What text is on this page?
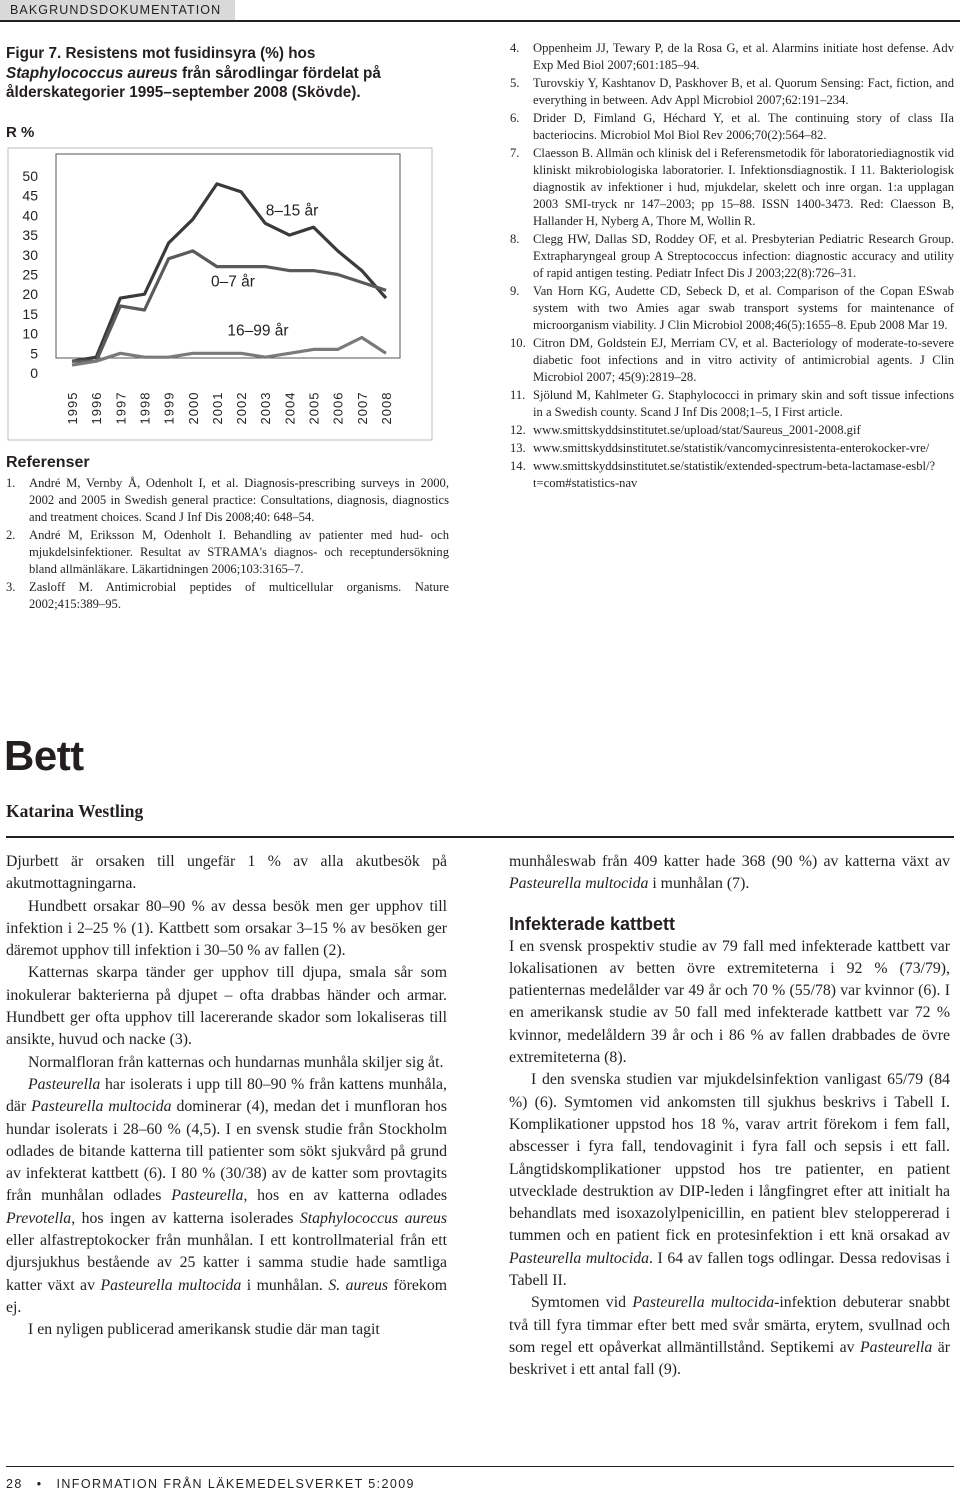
BAKGRUNDSDOKUMENTATION
Figur 7. Resistens mot fusidinsyra (%) hos Staphylococcus aureus från sårodlingar fördelat på ålderskategorier 1995–september 2008 (Skövde).
R %
50
45
40
35
30
25
20
15
10
5
0
1995 1996 1997 1998 1999 2000 2001 2002 2003 2004 2005 2006 2007 2008
8–15 år
0–7 år
16–99 år
Referenser
1. André M, Vernby Å, Odenholt I, et al. Diagnosis-prescribing surveys in 2000, 2002 and 2005 in Swedish general practice: Consultations, diagnosis, diagnostics and treatment choices. Scand J Inf Dis 2008;40: 648–54.
2. André M, Eriksson M, Odenholt I. Behandling av patienter med hud- och mjukdelsinfektioner. Resultat av STRAMA's diagnos- och receptundersökning bland allmänläkare. Läkartidningen 2006;103:3165–7.
3. Zasloff M. Antimicrobial peptides of multicellular organisms. Nature 2002;415:389–95.
4. Oppenheim JJ, Tewary P, de la Rosa G, et al. Alarmins initiate host defense. Adv Exp Med Biol 2007;601:185–94.
5. Turovskiy Y, Kashtanov D, Paskhover B, et al. Quorum Sensing: Fact, fiction, and everything in between. Adv Appl Microbiol 2007;62:191–234.
6. Drider D, Fimland G, Héchard Y, et al. The continuing story of class IIa bacteriocins. Microbiol Mol Biol Rev 2006;70(2):564–82.
7. Claesson B. Allmän och klinisk del i Referensmetodik för laboratoriediagnostik vid kliniskt mikrobiologiska laboratorier. I. Infektionsdiagnostik. I 11. Bakteriologisk diagnostik av infektioner i hud, mjukdelar, skelett och inre organ. 1:a upplagan 2003 SMI-tryck nr 147–2003; pp 15–88. ISSN 1400-3473. Red: Claesson B, Hallander H, Nyberg A, Thore M, Wollin R.
8. Clegg HW, Dallas SD, Roddey OF, et al. Presbyterian Pediatric Research Group. Extrapharyngeal group A Streptococcus infection: diagnostic accuracy and utility of rapid antigen testing. Pediatr Infect Dis J 2003;22(8):726–31.
9. Van Horn KG, Audette CD, Sebeck D, et al. Comparison of the Copan ESwab system with two Amies agar swab transport systems for maintenance of microorganism viability. J Clin Microbiol 2008;46(5):1655–8. Epub 2008 Mar 19.
10. Citron DM, Goldstein EJ, Merriam CV, et al. Bacteriology of moderate-to-severe diabetic foot infections and in vitro activity of antimicrobial agents. J Clin Microbiol 2007; 45(9):2819–28.
11. Sjölund M, Kahlmeter G. Staphylococci in primary skin and soft tissue infections in a Swedish county. Scand J Inf Dis 2008;1–5, I First article.
12. www.smittskyddsinstitutet.se/upload/stat/Saureus_2001-2008.gif
13. www.smittskyddsinstitutet.se/statistik/vancomycinresistenta-enterokocker-vre/
14. www.smittskyddsinstitutet.se/statistik/extended-spectrum-beta-lactamase-esbl/?t=com#statistics-nav
Bett
Katarina Westling

Djurbett är orsaken till ungefär 1 % av alla akutbesök på akutmottagningarna.

Hundbett orsakar 80–90 % av dessa besök men ger upphov till infektion i 2–25 % (1). Kattbett som orsakar 3–15 % av besöken ger däremot upphov till infektion i 30–50 % av fallen (2).

Katternas skarpa tänder ger upphov till djupa, smala sår som inokulerar bakterierna på djupet – ofta drabbas händer och armar. Hundbett ger ofta upphov till lacererande skador som lokaliseras till ansikte, huvud och nacke (3).

Normalfloran från katternas och hundarnas munhåla skiljer sig åt.

Pasteurella har isolerats i upp till 80–90 % från kattens munhåla, där Pasteurella multocida dominerar (4), medan det i munfloran hos hundar isolerats i 28–60 % (4,5). I en svensk studie från Stockholm odlades de bitande katterna till patienter som sökt sjukvård på grund av infekterat kattbett (6). I 80 % (30/38) av de katter som provtagits från munhålan odlades Pasteurella, hos en av katterna odlades Prevotella, hos ingen av katterna isolerades Staphylococcus aureus eller alfastreptokocker från munhålan. I ett kontrollmaterial från ett djursjukhus bestående av 25 katter i samma studie hade samtliga katter växt av Pasteurella multocida i munhålan. S. aureus förekom ej.

I en nyligen publicerad amerikansk studie där man tagit

munhåleswab från 409 katter hade 368 (90 %) av katterna växt av Pasteurella multocida i munhålan (7).

Infekterade kattbett

I en svensk prospektiv studie av 79 fall med infekterade kattbett var lokalisationen av betten övre extremiteterna i 92 % (73/79), patienternas medelålder var 49 år och 70 % (55/78) var kvinnor (6). I en amerikansk studie av 50 fall med infekterade kattbett var 72 % kvinnor, medelåldern 39 år och i 86 % av fallen drabbades de övre extremiteterna (8).

I den svenska studien var mjukdelsinfektion vanligast 65/79 (84 %) (6). Symtomen vid ankomsten till sjukhus beskrivs i Tabell I. Komplikationer uppstod hos 18 %, varav artrit förekom i fem fall, abscesser i fyra fall, tendovaginit i fyra fall och sepsis i ett fall. Långtidskomplikationer uppstod hos tre patienter, en patient utvecklade destruktion av DIP-leden i långfingret efter att initialt ha behandlats med isoxazolylpenicillin, en patient blev steloppererad i tummen och en patient fick en protesinfektion i ett knä orsakad av Pasteurella multocida. I 64 av fallen togs odlingar. Dessa redovisas i Tabell II.

Symtomen vid Pasteurella multocida-infektion debuterar snabbt två till fyra timmar efter bett med svår smärta, erytem, svullnad och som regel ett opåverkat allmäntillstånd. Septikemi av Pasteurella är beskrivet i ett antal fall (9).

28 • INFORMATION FRÅN LÄKEMEDELSVERKET 5:2009
